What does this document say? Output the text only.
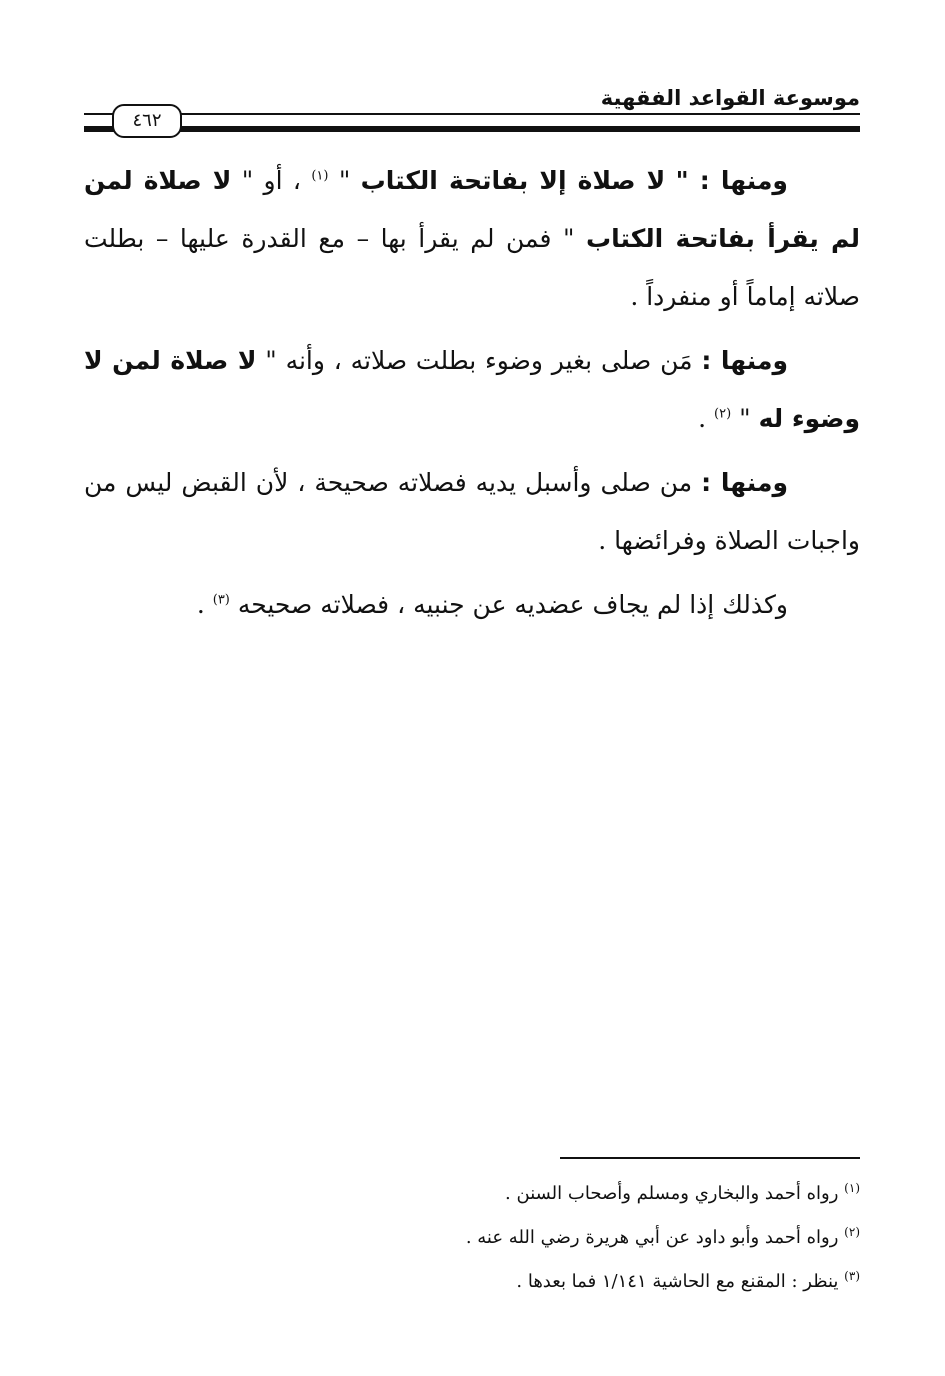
موسوعة القواعد الفقهية
٤٦٢

ومنها : " لا صلاة إلا بفاتحة الكتاب " $^{(١)}$ ، أو " لا صلاة لمن لم يقرأ بفاتحة الكتاب " فمن لم يقرأ بها – مع القدرة عليها – بطلت صلاته إماماً أو منفرداً .

ومنها : مَن صلى بغير وضوء بطلت صلاته ، وأنه " لا صلاة لمن لا وضوء له " $^{(٢)}$ .

ومنها : من صلى وأسبل يديه فصلاته صحيحة ، لأن القبض ليس من واجبات الصلاة وفرائضها .

وكذلك إذا لم يجاف عضديه عن جنبيه ، فصلاته صحيحه $^{(٣)}$ .

$^{(١)}$ رواه أحمد والبخاري ومسلم وأصحاب السنن .
$^{(٢)}$ رواه أحمد وأبو داود عن أبي هريرة رضي الله عنه .
$^{(٣)}$ ينظر : المقنع مع الحاشية ١/١٤١ فما بعدها .
